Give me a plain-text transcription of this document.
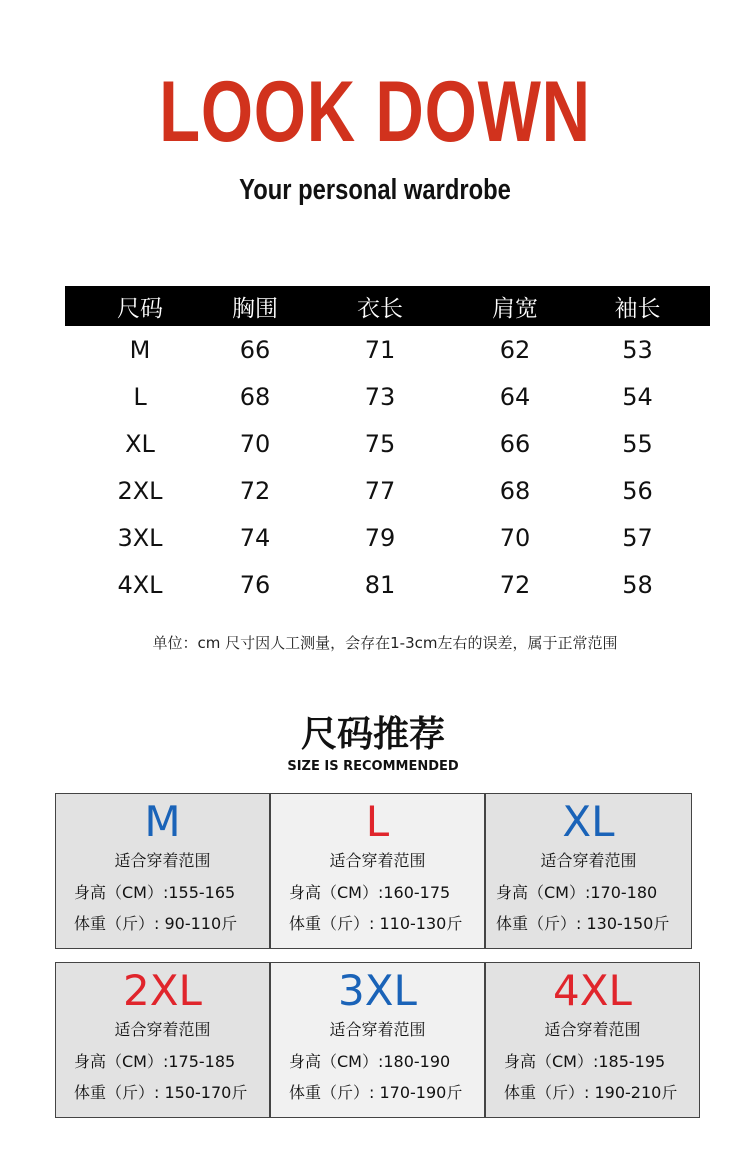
LOOK DOWN
Your personal wardrobe
尺码	胸围	衣长	肩宽	袖长
M	66	71	62	53
L	68	73	64	54
XL	70	75	66	55
2XL	72	77	68	56
3XL	74	79	70	57
4XL	76	81	72	58
单位：cm 尺寸因人工测量，会存在1-3cm左右的误差，属于正常范围
尺码推荐
SIZE IS RECOMMENDED
M
适合穿着范围
身高（CM）:155-165
体重（斤）: 90-110斤
L
适合穿着范围
身高（CM）:160-175
体重（斤）: 110-130斤
XL
适合穿着范围
身高（CM）:170-180
体重（斤）: 130-150斤
2XL
适合穿着范围
身高（CM）:175-185
体重（斤）: 150-170斤
3XL
适合穿着范围
身高（CM）:180-190
体重（斤）: 170-190斤
4XL
适合穿着范围
身高（CM）:185-195
体重（斤）: 190-210斤
